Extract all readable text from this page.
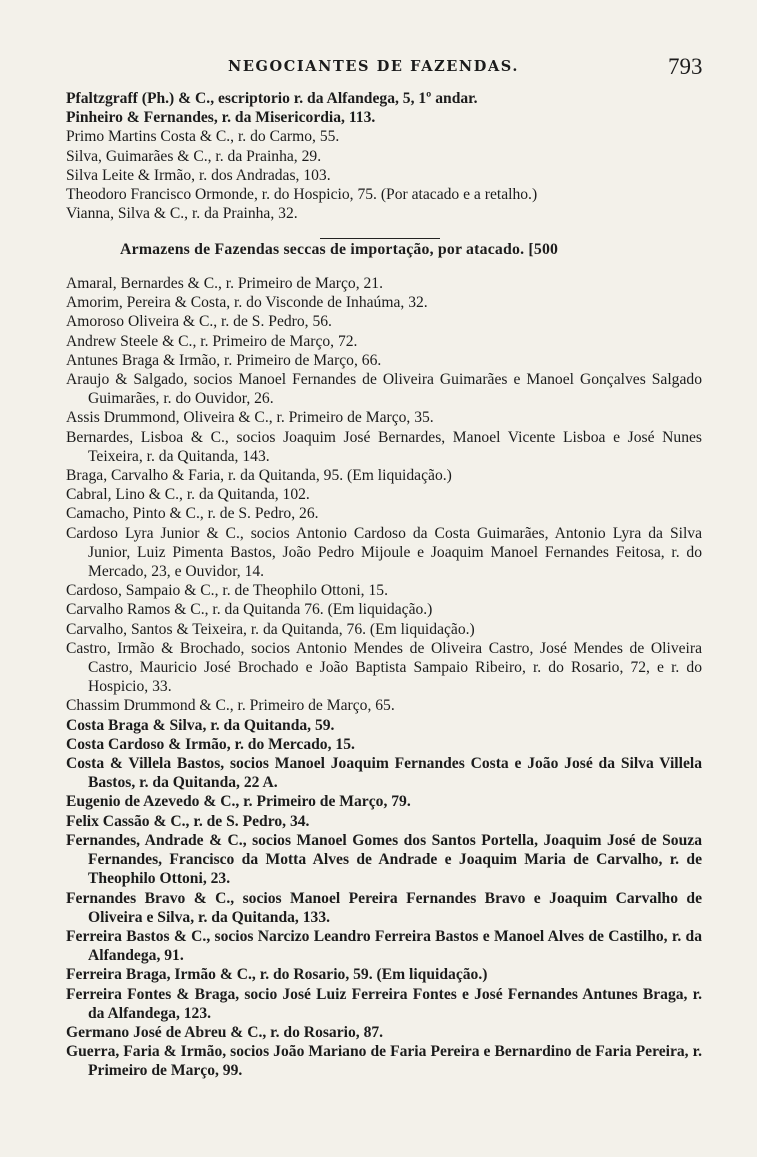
NEGOCIANTES DE FAZENDAS.	793
Pfaltzgraff (Ph.) & C., escriptorio r. da Alfandega, 5, 1º andar.
Pinheiro & Fernandes, r. da Misericordia, 113.
Primo Martins Costa & C., r. do Carmo, 55.
Silva, Guimarães & C., r. da Prainha, 29.
Silva Leite & Irmão, r. dos Andradas, 103.
Theodoro Francisco Ormonde, r. do Hospicio, 75. (Por atacado e a retalho.)
Vianna, Silva & C., r. da Prainha, 32.
Armazens de Fazendas seccas de importação, por atacado. [500
Amaral, Bernardes & C., r. Primeiro de Março, 21.
Amorim, Pereira & Costa, r. do Visconde de Inhaúma, 32.
Amoroso Oliveira & C., r. de S. Pedro, 56.
Andrew Steele & C., r. Primeiro de Março, 72.
Antunes Braga & Irmão, r. Primeiro de Março, 66.
Araujo & Salgado, socios Manoel Fernandes de Oliveira Guimarães e Manoel Gonçalves Salgado Guimarães, r. do Ouvidor, 26.
Assis Drummond, Oliveira & C., r. Primeiro de Março, 35.
Bernardes, Lisboa & C., socios Joaquim José Bernardes, Manoel Vicente Lisboa e José Nunes Teixeira, r. da Quitanda, 143.
Braga, Carvalho & Faria, r. da Quitanda, 95. (Em liquidação.)
Cabral, Lino & C., r. da Quitanda, 102.
Camacho, Pinto & C., r. de S. Pedro, 26.
Cardoso Lyra Junior & C., socios Antonio Cardoso da Costa Guimarães, Antonio Lyra da Silva Junior, Luiz Pimenta Bastos, João Pedro Mijoule e Joaquim Manoel Fernandes Feitosa, r. do Mercado, 23, e Ouvidor, 14.
Cardoso, Sampaio & C., r. de Theophilo Ottoni, 15.
Carvalho Ramos & C., r. da Quitanda 76. (Em liquidação.)
Carvalho, Santos & Teixeira, r. da Quitanda, 76. (Em liquidação.)
Castro, Irmão & Brochado, socios Antonio Mendes de Oliveira Castro, José Mendes de Oliveira Castro, Mauricio José Brochado e João Baptista Sampaio Ribeiro, r. do Rosario, 72, e r. do Hospicio, 33.
Chassim Drummond & C., r. Primeiro de Março, 65.
Costa Braga & Silva, r. da Quitanda, 59.
Costa Cardoso & Irmão, r. do Mercado, 15.
Costa & Villela Bastos, socios Manoel Joaquim Fernandes Costa e João José da Silva Villela Bastos, r. da Quitanda, 22 A.
Eugenio de Azevedo & C., r. Primeiro de Março, 79.
Felix Cassão & C., r. de S. Pedro, 34.
Fernandes, Andrade & C., socios Manoel Gomes dos Santos Portella, Joaquim José de Souza Fernandes, Francisco da Motta Alves de Andrade e Joaquim Maria de Carvalho, r. de Theophilo Ottoni, 23.
Fernandes Bravo & C., socios Manoel Pereira Fernandes Bravo e Joaquim Carvalho de Oliveira e Silva, r. da Quitanda, 133.
Ferreira Bastos & C., socios Narcizo Leandro Ferreira Bastos e Manoel Alves de Castilho, r. da Alfandega, 91.
Ferreira Braga, Irmão & C., r. do Rosario, 59. (Em liquidação.)
Ferreira Fontes & Braga, socio José Luiz Ferreira Fontes e José Fernandes Antunes Braga, r. da Alfandega, 123.
Germano José de Abreu & C., r. do Rosario, 87.
Guerra, Faria & Irmão, socios João Mariano de Faria Pereira e Bernardino de Faria Pereira, r. Primeiro de Março, 99.
